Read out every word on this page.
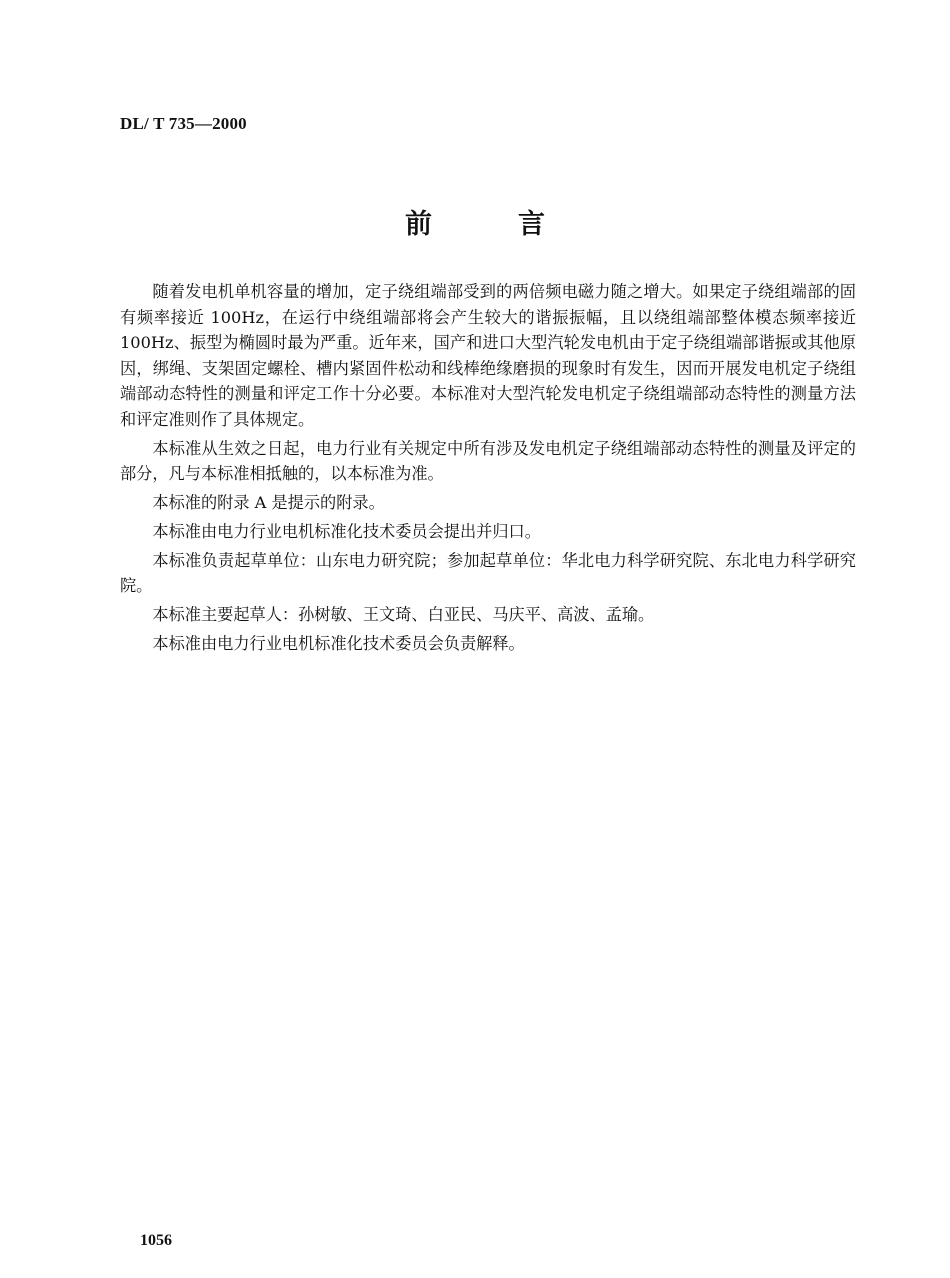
DL/ T 735—2000
前	言

随着发电机单机容量的增加，定子绕组端部受到的两倍频电磁力随之增大。如果定子绕组端部的固有频率接近 100Hz，在运行中绕组端部将会产生较大的谐振振幅，且以绕组端部整体模态频率接近 100Hz、振型为椭圆时最为严重。近年来，国产和进口大型汽轮发电机由于定子绕组端部谐振或其他原因，绑绳、支架固定螺栓、槽内紧固件松动和线棒绝缘磨损的现象时有发生，因而开展发电机定子绕组端部动态特性的测量和评定工作十分必要。本标准对大型汽轮发电机定子绕组端部动态特性的测量方法和评定准则作了具体规定。

本标准从生效之日起，电力行业有关规定中所有涉及发电机定子绕组端部动态特性的测量及评定的部分，凡与本标准相抵触的，以本标准为准。

本标准的附录 A 是提示的附录。

本标准由电力行业电机标准化技术委员会提出并归口。

本标准负责起草单位：山东电力研究院；参加起草单位：华北电力科学研究院、东北电力科学研究院。

本标准主要起草人：孙树敏、王文琦、白亚民、马庆平、高波、孟瑜。

本标准由电力行业电机标准化技术委员会负责解释。

1056
